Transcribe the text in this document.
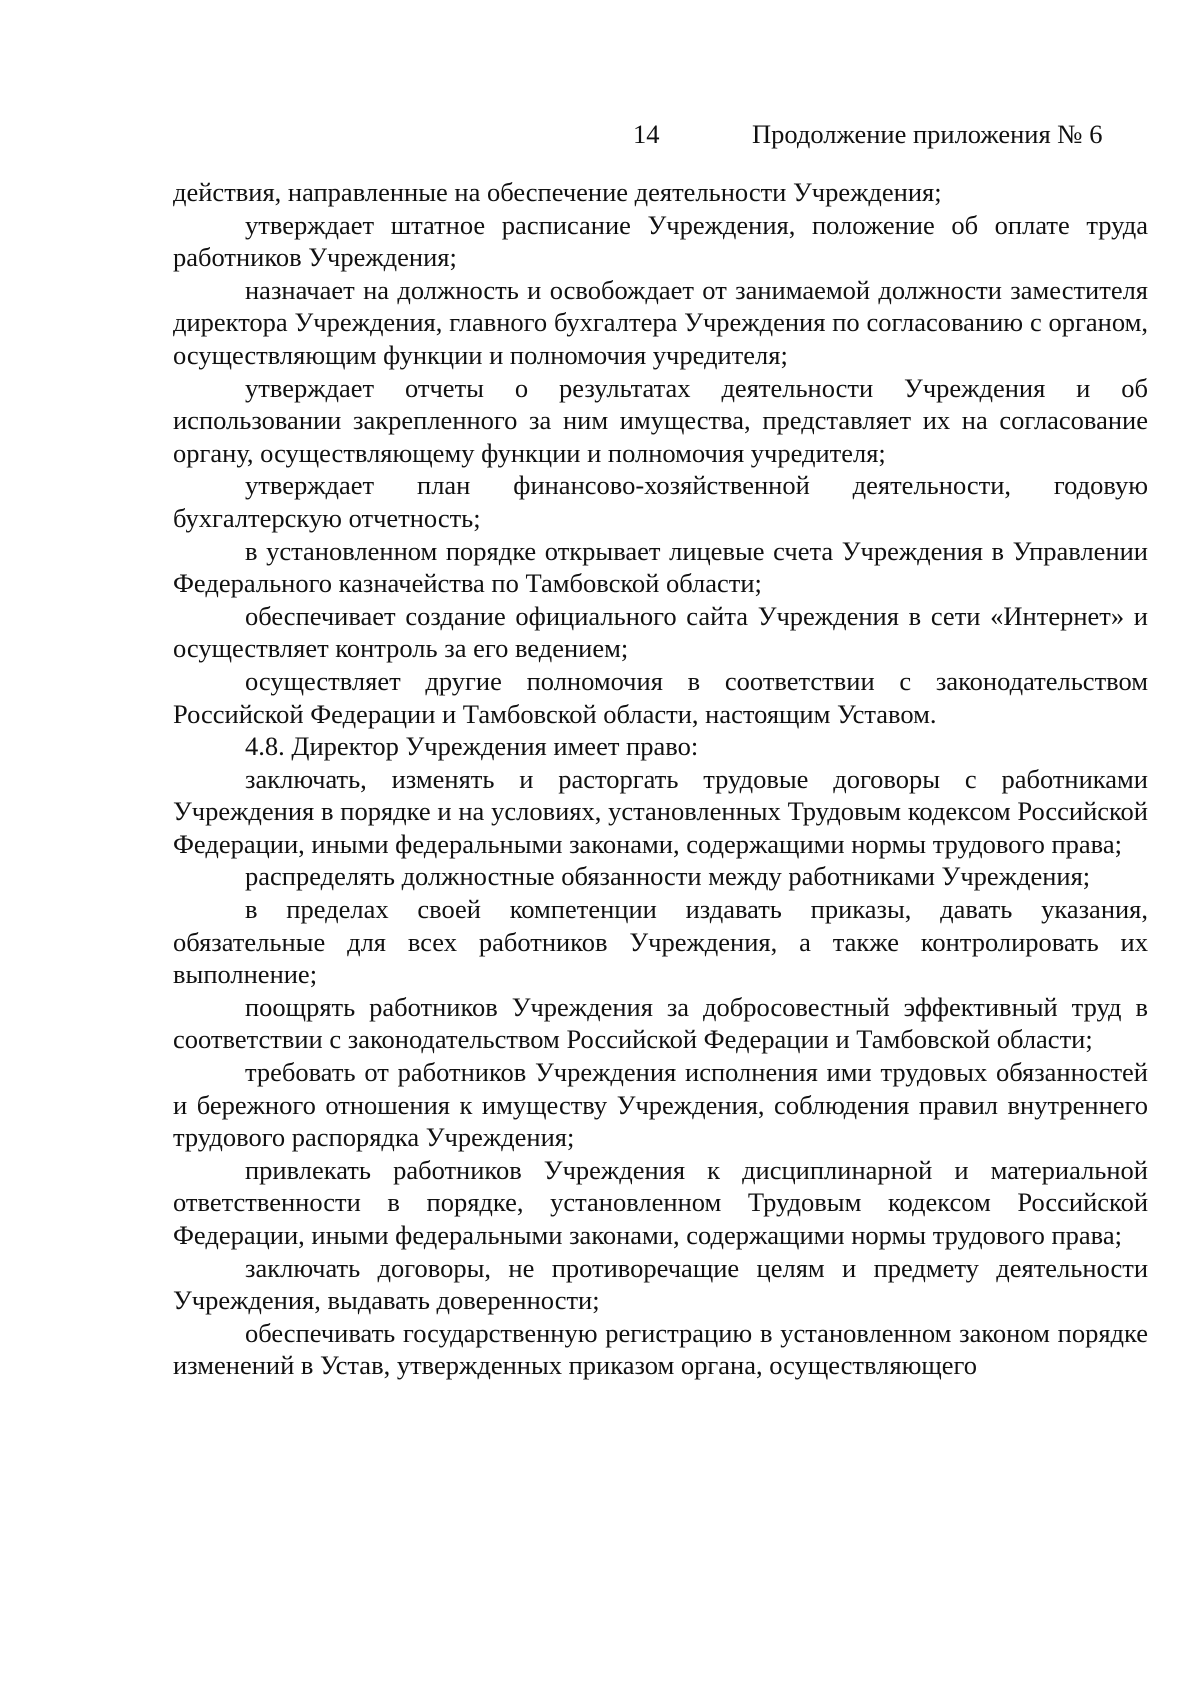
14	Продолжение приложения № 6

действия, направленные на обеспечение деятельности Учреждения;

утверждает штатное расписание Учреждения, положение об оплате труда работников Учреждения;

назначает на должность и освобождает от занимаемой должности заместителя директора Учреждения, главного бухгалтера Учреждения по согласованию с органом, осуществляющим функции и полномочия учредителя;

утверждает отчеты о результатах деятельности Учреждения и об использовании закрепленного за ним имущества, представляет их на согласование органу, осуществляющему функции и полномочия учредителя;

утверждает план финансово-хозяйственной деятельности, годовую бухгалтерскую отчетность;

в установленном порядке открывает лицевые счета Учреждения в Управлении Федерального казначейства по Тамбовской области;

обеспечивает создание официального сайта Учреждения в сети «Интернет» и осуществляет контроль за его ведением;

осуществляет другие полномочия в соответствии с законодательством Российской Федерации и Тамбовской области, настоящим Уставом.

4.8. Директор Учреждения имеет право:

заключать, изменять и расторгать трудовые договоры с работниками Учреждения в порядке и на условиях, установленных Трудовым кодексом Российской Федерации, иными федеральными законами, содержащими нормы трудового права;

распределять должностные обязанности между работниками Учреждения;

в пределах своей компетенции издавать приказы, давать указания, обязательные для всех работников Учреждения, а также контролировать их выполнение;

поощрять работников Учреждения за добросовестный эффективный труд в соответствии с законодательством Российской Федерации и Тамбовской области;

требовать от работников Учреждения исполнения ими трудовых обязанностей и бережного отношения к имуществу Учреждения, соблюдения правил внутреннего трудового распорядка Учреждения;

привлекать работников Учреждения к дисциплинарной и материальной ответственности в порядке, установленном Трудовым кодексом Российской Федерации, иными федеральными законами, содержащими нормы трудового права;

заключать договоры, не противоречащие целям и предмету деятельности Учреждения, выдавать доверенности;

обеспечивать государственную регистрацию в установленном законом порядке изменений в Устав, утвержденных приказом органа, осуществляющего
